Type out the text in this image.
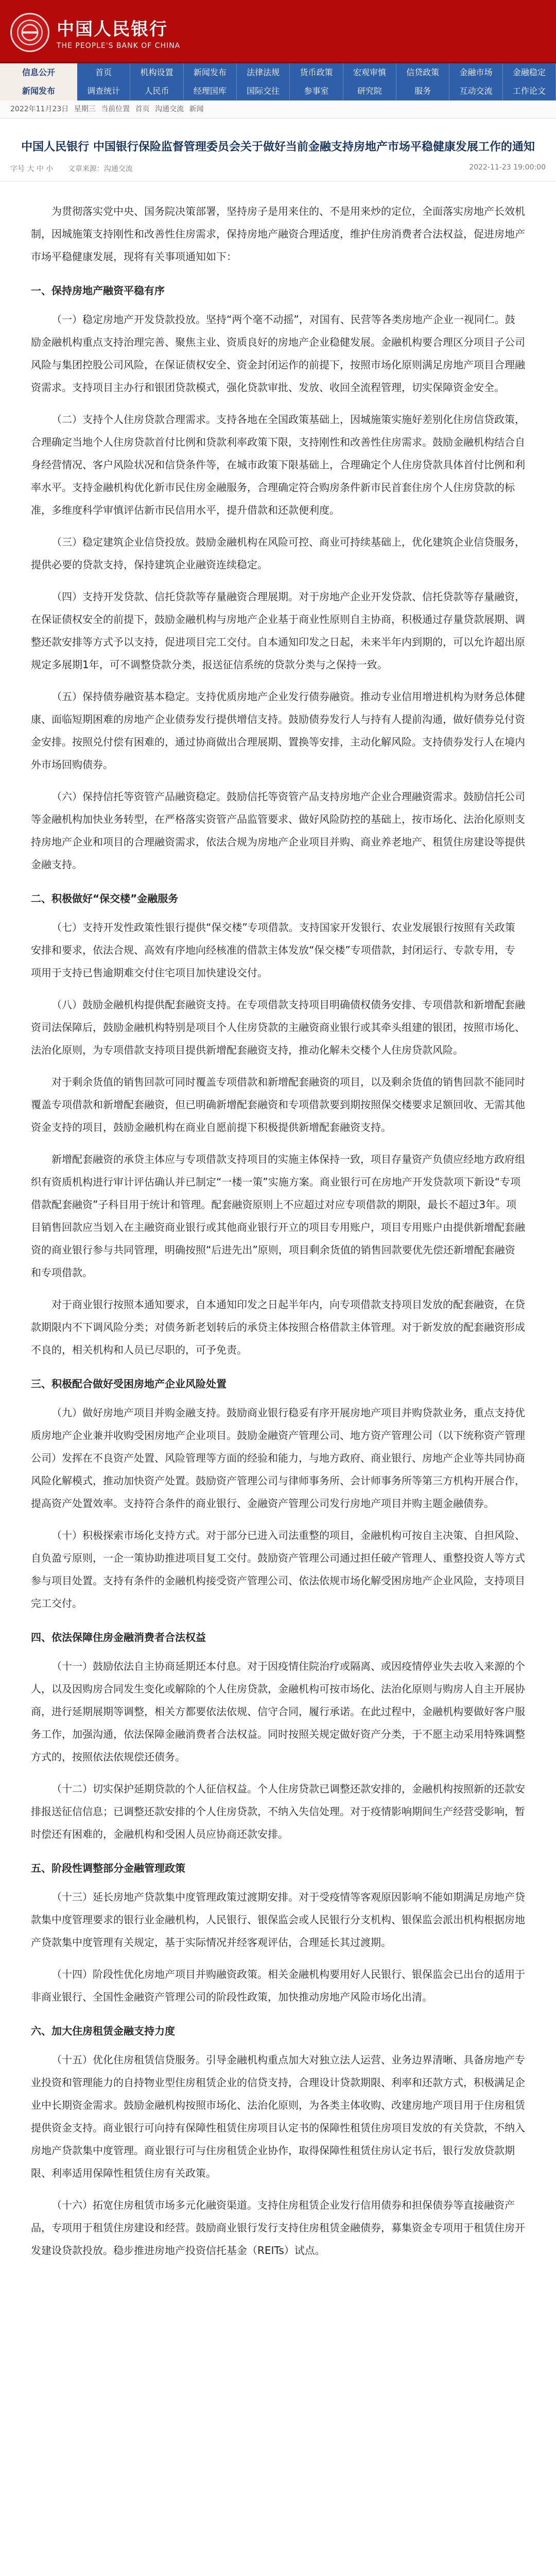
中国人民银行
THE PEOPLE'S BANK OF CHINA
信息公开
新闻发布
首页	机构设置	新闻发布	法律法规	货币政策	宏观审慎	信贷政策	金融市场	金融稳定
调查统计	人民币	经理国库	国际交往	参事室	研究院	服务	互动交流	工作论文
2022年11月23日 星期三 当前位置 首页 沟通交流 新闻
中国人民银行 中国银行保险监督管理委员会关于做好当前金融支持房地产市场平稳健康发展工作的通知
字号 大 中 小 文章来源：沟通交流	2022-11-23 19:00:00

为贯彻落实党中央、国务院决策部署，坚持房子是用来住的、不是用来炒的定位，全面落实房地产长效机制，因城施策支持刚性和改善性住房需求，保持房地产融资合理适度，维护住房消费者合法权益，促进房地产市场平稳健康发展，现将有关事项通知如下：

一、保持房地产融资平稳有序

（一）稳定房地产开发贷款投放。坚持“两个毫不动摇”，对国有、民营等各类房地产企业一视同仁。鼓励金融机构重点支持治理完善、聚焦主业、资质良好的房地产企业稳健发展。金融机构要合理区分项目子公司风险与集团控股公司风险，在保证债权安全、资金封闭运作的前提下，按照市场化原则满足房地产项目合理融资需求。支持项目主办行和银团贷款模式，强化贷款审批、发放、收回全流程管理，切实保障资金安全。

（二）支持个人住房贷款合理需求。支持各地在全国政策基础上，因城施策实施好差别化住房信贷政策，合理确定当地个人住房贷款首付比例和贷款利率政策下限，支持刚性和改善性住房需求。鼓励金融机构结合自身经营情况、客户风险状况和信贷条件等，在城市政策下限基础上，合理确定个人住房贷款具体首付比例和利率水平。支持金融机构优化新市民住房金融服务，合理确定符合购房条件新市民首套住房个人住房贷款的标准，多维度科学审慎评估新市民信用水平，提升借款和还款便利度。

（三）稳定建筑企业信贷投放。鼓励金融机构在风险可控、商业可持续基础上，优化建筑企业信贷服务，提供必要的贷款支持，保持建筑企业融资连续稳定。

（四）支持开发贷款、信托贷款等存量融资合理展期。对于房地产企业开发贷款、信托贷款等存量融资，在保证债权安全的前提下，鼓励金融机构与房地产企业基于商业性原则自主协商，积极通过存量贷款展期、调整还款安排等方式予以支持，促进项目完工交付。自本通知印发之日起，未来半年内到期的，可以允许超出原规定多展期1年，可不调整贷款分类，报送征信系统的贷款分类与之保持一致。

（五）保持债券融资基本稳定。支持优质房地产企业发行债券融资。推动专业信用增进机构为财务总体健康、面临短期困难的房地产企业债券发行提供增信支持。鼓励债券发行人与持有人提前沟通，做好债券兑付资金安排。按照兑付偿有困难的，通过协商做出合理展期、置换等安排，主动化解风险。支持债券发行人在境内外市场回购债券。

（六）保持信托等资管产品融资稳定。鼓励信托等资管产品支持房地产企业合理融资需求。鼓励信托公司等金融机构加快业务转型，在严格落实资管产品监管要求、做好风险防控的基础上，按市场化、法治化原则支持房地产企业和项目的合理融资需求，依法合规为房地产企业项目并购、商业养老地产、租赁住房建设等提供金融支持。

二、积极做好“保交楼”金融服务

（七）支持开发性政策性银行提供“保交楼”专项借款。支持国家开发银行、农业发展银行按照有关政策安排和要求，依法合规、高效有序地向经核准的借款主体发放“保交楼”专项借款，封闭运行、专款专用，专项用于支持已售逾期难交付住宅项目加快建设交付。

（八）鼓励金融机构提供配套融资支持。在专项借款支持项目明确债权债务安排、专项借款和新增配套融资司法保障后，鼓励金融机构特别是项目个人住房贷款的主融资商业银行或其牵头组建的银团，按照市场化、法治化原则，为专项借款支持项目提供新增配套融资支持，推动化解未交楼个人住房贷款风险。

对于剩余货值的销售回款可同时覆盖专项借款和新增配套融资的项目，以及剩余货值的销售回款不能同时覆盖专项借款和新增配套融资，但已明确新增配套融资和专项借款要到期按照保交楼要求足额回收、无需其他资金支持的项目，鼓励金融机构在商业自愿前提下积极提供新增配套融资支持。

新增配套融资的承贷主体应与专项借款支持项目的实施主体保持一致，项目存量资产负债应经地方政府组织有资质机构进行审计评估确认并已制定“一楼一策”实施方案。商业银行可在房地产开发贷款项下新设“专项借款配套融资”子科目用于统计和管理。配套融资原则上不应超过对应专项借款的期限，最长不超过3年。项目销售回款应当划入在主融资商业银行或其他商业银行开立的项目专用账户，项目专用账户由提供新增配套融资的商业银行参与共同管理，明确按照“后进先出”原则，项目剩余货值的销售回款要优先偿还新增配套融资和专项借款。

对于商业银行按照本通知要求，自本通知印发之日起半年内，向专项借款支持项目发放的配套融资，在贷款期限内不下调风险分类；对债务新老划转后的承贷主体按照合格借款主体管理。对于新发放的配套融资形成不良的，相关机构和人员已尽职的，可予免责。

三、积极配合做好受困房地产企业风险处置

（九）做好房地产项目并购金融支持。鼓励商业银行稳妥有序开展房地产项目并购贷款业务，重点支持优质房地产企业兼并收购受困房地产企业项目。鼓励金融资产管理公司、地方资产管理公司（以下统称资产管理公司）发挥在不良资产处置、风险管理等方面的经验和能力，与地方政府、商业银行、房地产企业等共同协商风险化解模式，推动加快资产处置。鼓励资产管理公司与律师事务所、会计师事务所等第三方机构开展合作，提高资产处置效率。支持符合条件的商业银行、金融资产管理公司发行房地产项目并购主题金融债券。

（十）积极探索市场化支持方式。对于部分已进入司法重整的项目，金融机构可按自主决策、自担风险、自负盈亏原则，一企一策协助推进项目复工交付。鼓励资产管理公司通过担任破产管理人、重整投资人等方式参与项目处置。支持有条件的金融机构接受资产管理公司、依法依规市场化解受困房地产企业风险，支持项目完工交付。

四、依法保障住房金融消费者合法权益

（十一）鼓励依法自主协商延期还本付息。对于因疫情住院治疗或隔离、或因疫情停业失去收入来源的个人，以及因购房合同发生变化或解除的个人住房贷款，金融机构可按市场化、法治化原则与购房人自主开展协商，进行延期展期等调整，相关方都要依法依规、信守合同，履行承诺。在此过程中，金融机构要做好客户服务工作，加强沟通，依法保障金融消费者合法权益。同时按照关规定做好资产分类，于不愿主动采用特殊调整方式的，按照依法依规偿还债务。

（十二）切实保护延期贷款的个人征信权益。个人住房贷款已调整还款安排的，金融机构按照新的还款安排报送征信信息；已调整还款安排的个人住房贷款，不纳入失信处理。对于疫情影响期间生产经营受影响，暂时偿还有困难的，金融机构和受困人员应协商还款安排。

五、阶段性调整部分金融管理政策

（十三）延长房地产贷款集中度管理政策过渡期安排。对于受疫情等客观原因影响不能如期满足房地产贷款集中度管理要求的银行业金融机构，人民银行、银保监会或人民银行分支机构、银保监会派出机构根据房地产贷款集中度管理有关规定，基于实际情况并经客观评估，合理延长其过渡期。

（十四）阶段性优化房地产项目并购融资政策。相关金融机构要用好人民银行、银保监会已出台的适用于非商业银行、全国性金融资产管理公司的阶段性政策，加快推动房地产风险市场化出清。

六、加大住房租赁金融支持力度

（十五）优化住房租赁信贷服务。引导金融机构重点加大对独立法人运营、业务边界清晰、具备房地产专业投资和管理能力的自持物业型住房租赁企业的信贷支持，合理设计贷款期限、利率和还款方式，积极满足企业中长期资金需求。鼓励金融机构按照市场化、法治化原则，为各类主体收购、改建房地产项目用于住房租赁提供资金支持。商业银行可向持有保障性租赁住房项目认定书的保障性租赁住房项目发放的有关贷款，不纳入房地产贷款集中度管理。商业银行可与住房租赁企业协作，取得保障性租赁住房认定书后，银行发放贷款期限、利率适用保障性租赁住房有关政策。

（十六）拓宽住房租赁市场多元化融资渠道。支持住房租赁企业发行信用债券和担保债券等直接融资产品，专项用于租赁住房建设和经营。鼓励商业银行发行支持住房租赁金融债券，募集资金专项用于租赁住房开发建设贷款投放。稳步推进房地产投资信托基金（REITs）试点。
